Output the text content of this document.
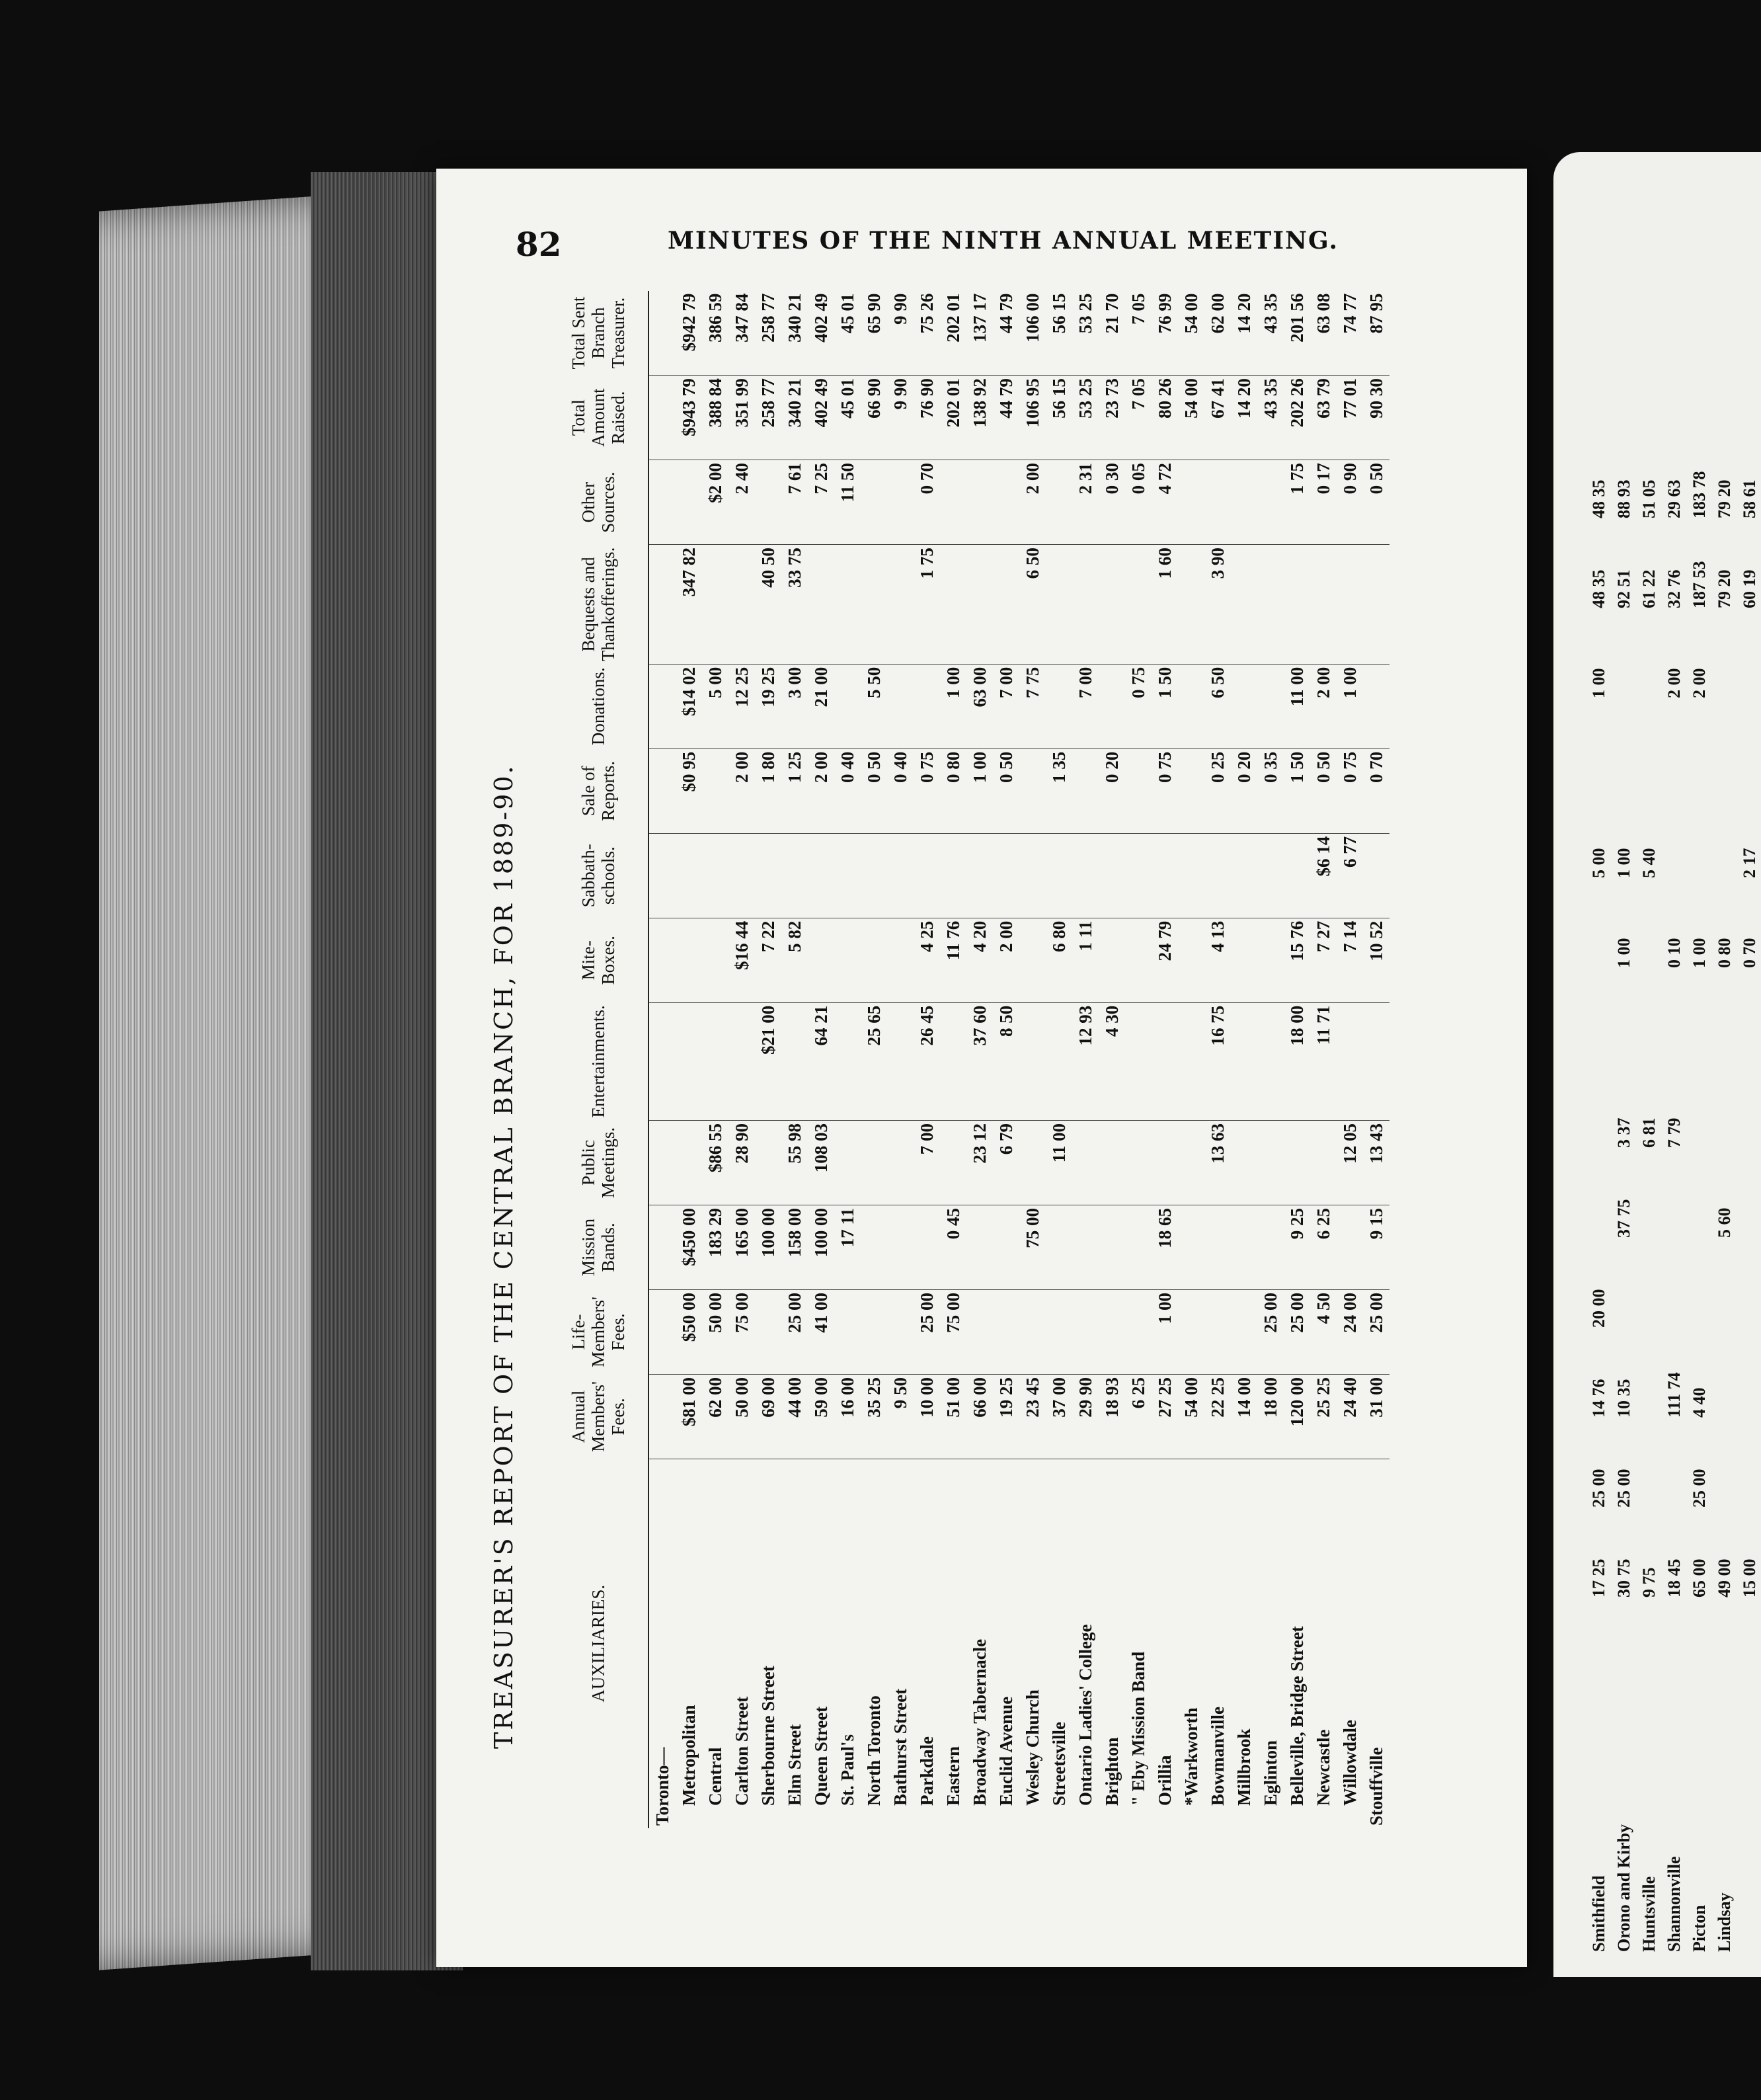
82	MINUTES OF THE NINTH ANNUAL MEETING.
TREASURER'S REPORT OF THE CENTRAL BRANCH, FOR 1889-90.	AUXILIARIES.	Annual Members' Fees.	Life-Members' Fees.	Mission Bands.	Public Meetings.	Entertainments.	Mite-Boxes.	Sabbath-schools.	Sale of Reports.	Donations.	Bequests and Thankofferings.	Other Sources.	Total Amount Raised.	Total Sent Branch Treasurer.
Toronto—													
Metropolitan	$81 00	$50 00	$450 00					$0 95	$14 02	347 82		$943 79	$942 79
Central	62 00	50 00	183 29	$86 55					5 00		$2 00	388 84	386 59
Carlton Street	50 00	75 00	165 00	28 90		$16 44		2 00	12 25		2 40	351 99	347 84
Sherbourne Street	69 00		100 00		$21 00	7 22		1 80	19 25	40 50		258 77	258 77
Elm Street	44 00	25 00	158 00	55 98		5 82		1 25	3 00	33 75	7 61	340 21	340 21
Queen Street	59 00	41 00	100 00	108 03	64 21			2 00	21 00		7 25	402 49	402 49
St. Paul's	16 00		17 11					0 40			11 50	45 01	45 01
North Toronto	35 25				25 65			0 50	5 50			66 90	65 90
Bathurst Street	9 50							0 40				9 90	9 90
Parkdale	10 00	25 00		7 00	26 45	4 25		0 75		1 75	0 70	76 90	75 26
Eastern	51 00	75 00	0 45			11 76		0 80	1 00			202 01	202 01
Broadway Tabernacle	66 00			23 12	37 60	4 20		1 00	63 00			138 92	137 17
Euclid Avenue	19 25			6 79	8 50	2 00		0 50	7 00			44 79	44 79
Wesley Church	23 45		75 00						7 75	6 50	2 00	106 95	106 00
Streetsville	37 00			11 00		6 80		1 35				56 15	56 15
Ontario Ladies' College	29 90				12 93	1 11			7 00		2 31	53 25	53 25
Brighton	18 93				4 30			0 20			0 30	23 73	21 70
" Eby Mission Band	6 25								0 75		0 05	7 05	7 05
Orillia	27 25	1 00	18 65			24 79		0 75	1 50	1 60	4 72	80 26	76 99
*Warkworth	54 00											54 00	54 00
Bowmanville	22 25			13 63	16 75	4 13		0 25	6 50	3 90		67 41	62 00
Millbrook	14 00							0 20				14 20	14 20
Eglinton	18 00	25 00						0 35				43 35	43 35
Belleville, Bridge Street	120 00	25 00	9 25		18 00	15 76		1 50	11 00		1 75	202 26	201 56
Newcastle	25 25	4 50	6 25		11 71	7 27	$6 14	0 50	2 00		0 17	63 79	63 08
Willowdale	24 40	24 00		12 05		7 14	6 77	0 75	1 00		0 90	77 01	74 77
Stouffville	31 00	25 00	9 15	13 43		10 52		0 70			0 50	90 30	87 95
Smithfield	17 25	25 00	14 76	20 00					5 00		1 00	48 35	48 35
Orono and Kirby	30 75	25 00	10 35		37 75	3 37		1 00	1 00			92 51	88 93
Huntsville	9 75					6 81			5 40			61 22	51 05
Shannonville	18 45		111 74			7 79		0 10			2 00	32 76	29 63
Picton	65 00	25 00	4 40					1 00			2 00	187 53	183 78
Lindsay	49 00				5 60			0 80				79 20	79 20
	15 00							0 70	2 17			60 19	58 61
